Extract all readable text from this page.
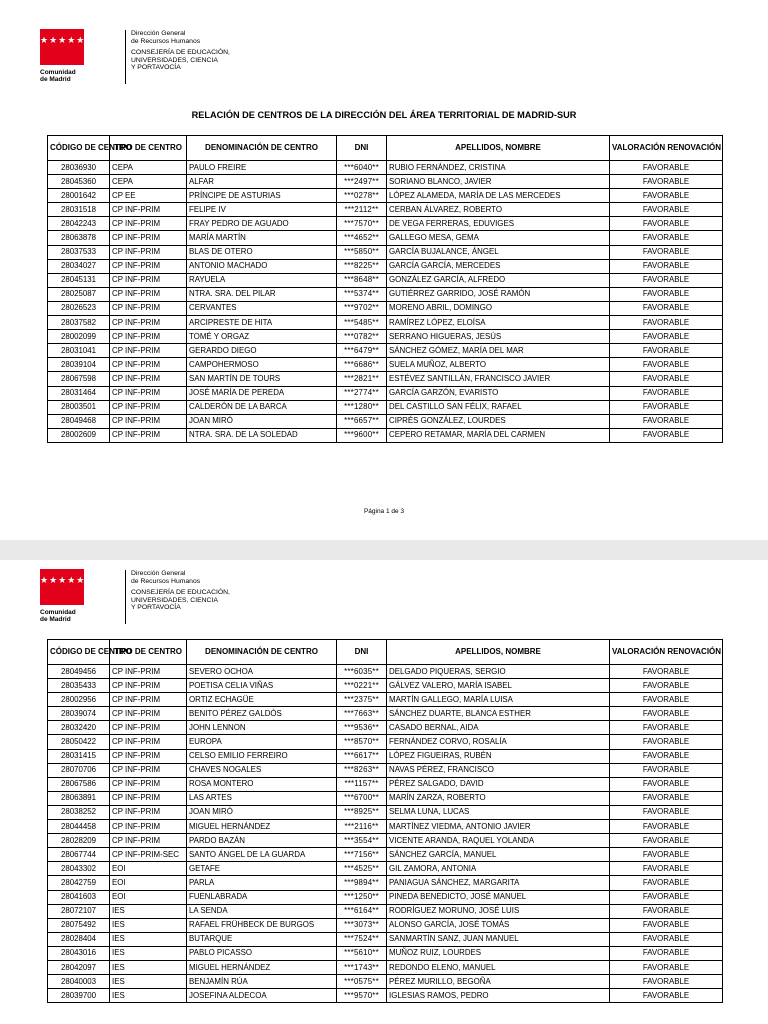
★★★★★★★
Comunidad
de Madrid
Dirección General
de Recursos Humanos
CONSEJERÍA DE EDUCACIÓN,
UNIVERSIDADES, CIENCIA
Y PORTAVOCÍA
RELACIÓN DE CENTROS DE LA DIRECCIÓN DEL ÁREA TERRITORIAL DE MADRID-SUR
CÓDIGO DE CENTRO	TIPO DE CENTRO	DENOMINACIÓN DE CENTRO	DNI	APELLIDOS, NOMBRE	VALORACIÓN RENOVACIÓN
28036930	CEPA	PAULO FREIRE	***6040**	RUBIO FERNÁNDEZ, CRISTINA	FAVORABLE
28045360	CEPA	ALFAR	***2497**	SORIANO BLANCO, JAVIER	FAVORABLE
28001642	CP EE	PRÍNCIPE DE ASTURIAS	***0278**	LÓPEZ ALAMEDA, MARÍA DE LAS MERCEDES	FAVORABLE
28031518	CP INF-PRIM	FELIPE IV	***2112**	CERBAN ÁLVAREZ, ROBERTO	FAVORABLE
28042243	CP INF-PRIM	FRAY PEDRO DE AGUADO	***7570**	DE VEGA FERRERAS, EDUVIGES	FAVORABLE
28063878	CP INF-PRIM	MARÍA MARTÍN	***4652**	GALLEGO MESA, GEMA	FAVORABLE
28037533	CP INF-PRIM	BLAS DE OTERO	***5850**	GARCÍA BUJALANCE, ÁNGEL	FAVORABLE
28034027	CP INF-PRIM	ANTONIO MACHADO	***8225**	GARCÍA GARCÍA, MERCEDES	FAVORABLE
28045131	CP INF-PRIM	RAYUELA	***8648**	GONZÁLEZ GARCÍA, ALFREDO	FAVORABLE
28025087	CP INF-PRIM	NTRA. SRA. DEL PILAR	***5374**	GUTIÉRREZ GARRIDO, JOSÉ RAMÓN	FAVORABLE
28026523	CP INF-PRIM	CERVANTES	***9702**	MORENO ABRIL, DOMINGO	FAVORABLE
28037582	CP INF-PRIM	ARCIPRESTE DE HITA	***5485**	RAMÍREZ LÓPEZ, ELOÍSA	FAVORABLE
28002099	CP INF-PRIM	TOMÉ Y ORGAZ	***0782**	SERRANO HIGUERAS, JESÚS	FAVORABLE
28031041	CP INF-PRIM	GERARDO DIEGO	***6479**	SÁNCHEZ GÓMEZ, MARÍA DEL MAR	FAVORABLE
28039104	CP INF-PRIM	CAMPOHERMOSO	***6686**	SUELA MUÑOZ, ALBERTO	FAVORABLE
28067598	CP INF-PRIM	SAN MARTÍN DE TOURS	***2821**	ESTÉVEZ SANTILLÁN, FRANCISCO JAVIER	FAVORABLE
28031464	CP INF-PRIM	JOSÉ MARÍA DE PEREDA	***2774**	GARCÍA GARZÓN, EVARISTO	FAVORABLE
28003501	CP INF-PRIM	CALDERÓN DE LA BARCA	***1280**	DEL CASTILLO SAN FÉLIX, RAFAEL	FAVORABLE
28049468	CP INF-PRIM	JOAN MIRÓ	***6657**	CIPRÉS GONZÁLEZ, LOURDES	FAVORABLE
28002609	CP INF-PRIM	NTRA. SRA. DE LA SOLEDAD	***9600**	CEPERO RETAMAR, MARÍA DEL CARMEN	FAVORABLE
Página 1 de 3
★★★★★★★
Comunidad
de Madrid
Dirección General
de Recursos Humanos
CONSEJERÍA DE EDUCACIÓN,
UNIVERSIDADES, CIENCIA
Y PORTAVOCÍA
CÓDIGO DE CENTRO	TIPO DE CENTRO	DENOMINACIÓN DE CENTRO	DNI	APELLIDOS, NOMBRE	VALORACIÓN RENOVACIÓN
28049456	CP INF-PRIM	SEVERO OCHOA	***6035**	DELGADO PIQUERAS, SERGIO	FAVORABLE
28035433	CP INF-PRIM	POETISA CELIA VIÑAS	***0221**	GÁLVEZ VALERO, MARÍA ISABEL	FAVORABLE
28002956	CP INF-PRIM	ORTIZ ECHAGÜE	***2375**	MARTÍN GALLEGO, MARÍA LUISA	FAVORABLE
28039074	CP INF-PRIM	BENITO PÉREZ GALDÓS	***7663**	SÁNCHEZ DUARTE, BLANCA ESTHER	FAVORABLE
28032420	CP INF-PRIM	JOHN LENNON	***9536**	CASADO BERNAL, AIDA	FAVORABLE
28050422	CP INF-PRIM	EUROPA	***8570**	FERNÁNDEZ CORVO, ROSALÍA	FAVORABLE
28031415	CP INF-PRIM	CELSO EMILIO FERREIRO	***6617**	LÓPEZ FIGUEIRAS, RUBÉN	FAVORABLE
28070706	CP INF-PRIM	CHAVES NOGALES	***8263**	NAVAS PÉREZ, FRANCISCO	FAVORABLE
28067586	CP INF-PRIM	ROSA MONTERO	***1157**	PÉREZ SALGADO, DAVID	FAVORABLE
28063891	CP INF-PRIM	LAS ARTES	***6700**	MARÍN ZARZA, ROBERTO	FAVORABLE
28038252	CP INF-PRIM	JOAN MIRÓ	***8925**	SELMA LUNA, LUCAS	FAVORABLE
28044458	CP INF-PRIM	MIGUEL HERNÁNDEZ	***2116**	MARTÍNEZ VIEDMA, ANTONIO JAVIER	FAVORABLE
28028209	CP INF-PRIM	PARDO BAZÁN	***3554**	VICENTE ARANDA, RAQUEL YOLANDA	FAVORABLE
28067744	CP INF-PRIM-SEC	SANTO ÁNGEL DE LA GUARDA	***7156**	SÁNCHEZ GARCÍA, MANUEL	FAVORABLE
28043302	EOI	GETAFE	***4525**	GIL ZAMORA, ANTONIA	FAVORABLE
28042759	EOI	PARLA	***9894**	PANIAGUA SÁNCHEZ, MARGARITA	FAVORABLE
28041603	EOI	FUENLABRADA	***1250**	PINEDA BENEDICTO, JOSÉ MANUEL	FAVORABLE
28072107	IES	LA SENDA	***6164**	RODRÍGUEZ MORUNO, JOSÉ LUIS	FAVORABLE
28075492	IES	RAFAEL FRÜHBECK DE BURGOS	***3073**	ALONSO GARCÍA, JOSÉ TOMÁS	FAVORABLE
28028404	IES	BUTARQUE	***7524**	SANMARTÍN SANZ, JUAN MANUEL	FAVORABLE
28043016	IES	PABLO PICASSO	***5610**	MUÑOZ RUIZ, LOURDES	FAVORABLE
28042097	IES	MIGUEL HERNÁNDEZ	***1743**	REDONDO ELENO, MANUEL	FAVORABLE
28040003	IES	BENJAMÍN RÚA	***0575**	PÉREZ MURILLO, BEGOÑA	FAVORABLE
28039700	IES	JOSEFINA ALDECOA	***9570**	IGLESIAS RAMOS, PEDRO	FAVORABLE
